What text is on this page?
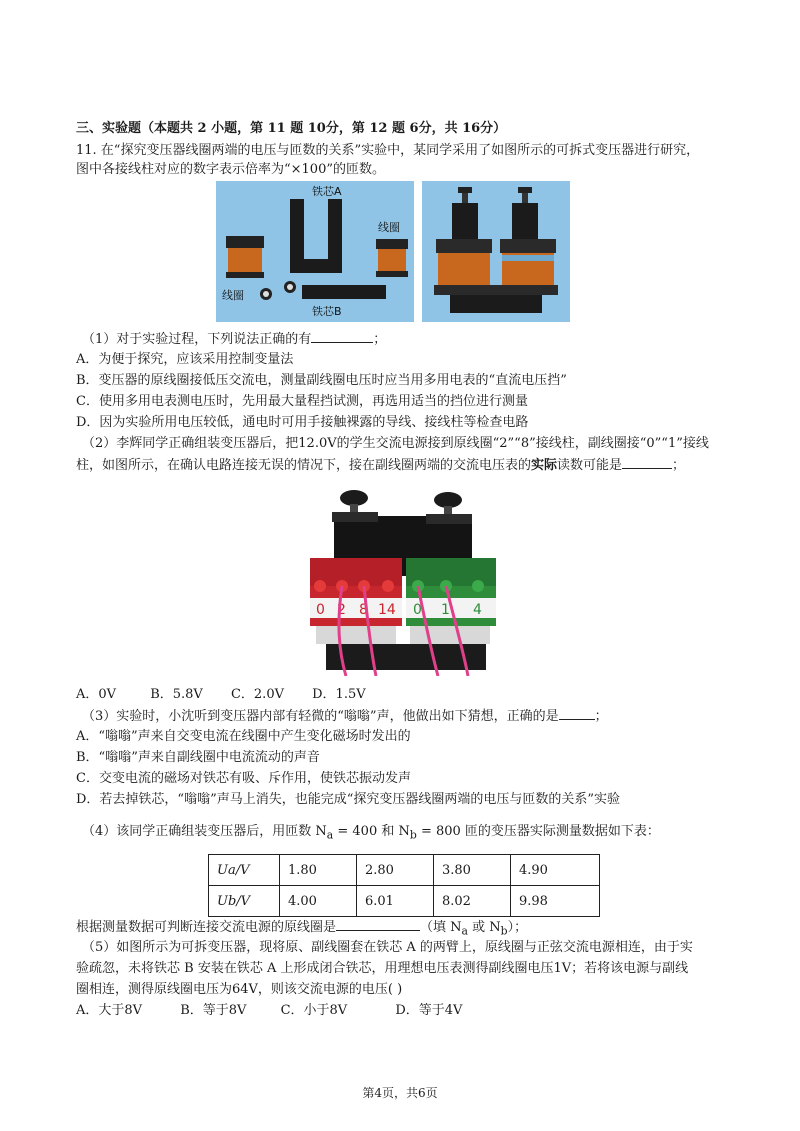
三、实验题（本题共 2 小题，第 11 题 10分，第 12 题 6分，共 16分）
11. 在“探究变压器线圈两端的电压与匝数的关系”实验中，某同学采用了如图所示的可拆式变压器进行研究，
图中各接线柱对应的数字表示倍率为“×100”的匝数。
铁芯A
线圈
线圈
铁芯B
（1）对于实验过程，下列说法正确的有	；
A．为便于探究，应该采用控制变量法
B．变压器的原线圈接低压交流电，测量副线圈电压时应当用多用电表的“直流电压挡”
C．使用多用电表测电压时，先用最大量程挡试测，再选用适当的挡位进行测量
D．因为实验所用电压较低，通电时可用手接触裸露的导线、接线柱等检查电路
（2）李辉同学正确组装变压器后，把12.0V的学生交流电源接到原线圈“2”“8”接线柱，副线圈接“0”“1”接线
柱，如图所示，在确认电路连接无误的情况下，接在副线圈两端的交流电压表的实际读数可能是	；
0 2 8 14 0 1 4
A．0V	B．5.8V C．2.0V D．1.5V
（3）实验时，小沈听到变压器内部有轻微的“嗡嗡”声，他做出如下猜想，正确的是	；
A．“嗡嗡”声来自交变电流在线圈中产生变化磁场时发出的
B．“嗡嗡”声来自副线圈中电流流动的声音
C．交变电流的磁场对铁芯有吸、斥作用，使铁芯振动发声
D．若去掉铁芯，“嗡嗡”声马上消失，也能完成“探究变压器线圈两端的电压与匝数的关系”实验
（4）该同学正确组装变压器后，用匝数 $N_a = 400$ 和 $N_b = 800$ 匝的变压器实际测量数据如下表：
Ua/V	1.80	2.80	3.80	4.90
Ub/V	4.00	6.01	8.02	9.98
根据测量数据可判断连接交流电源的原线圈是	（填 $N_a$ 或 $N_b$）；
（5）如图所示为可拆变压器，现将原、副线圈套在铁芯 A 的两臂上，原线圈与正弦交流电源相连，由于实
验疏忽，未将铁芯 B 安装在铁芯 A 上形成闭合铁芯，用理想电压表测得副线圈电压1V；若将该电源与副线
圈相连，测得原线圈电压为64V，则该交流电源的电压( )
A．大于8V	B．等于8V	C．小于8V	D．等于4V
第4页，共6页
